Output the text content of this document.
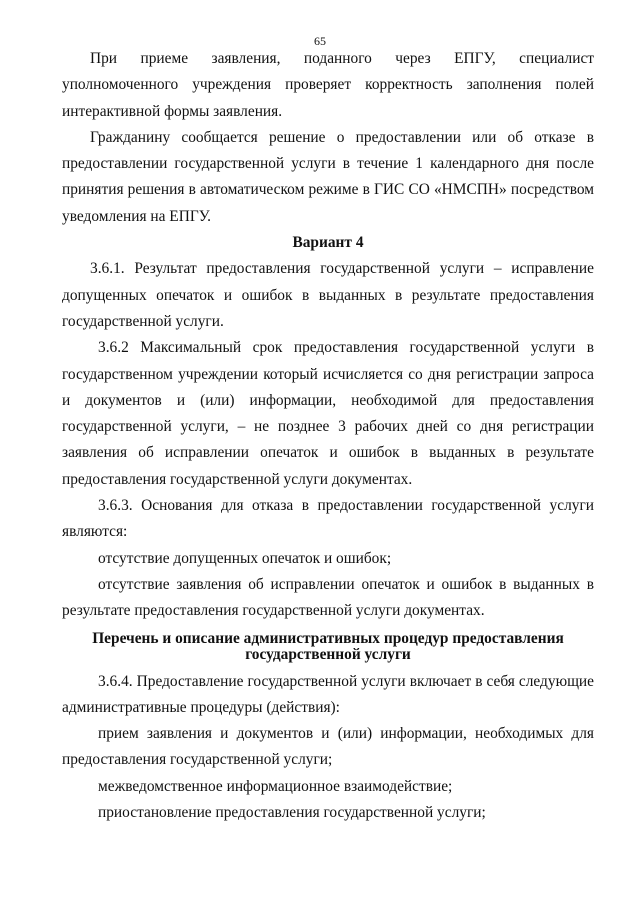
65

При приеме заявления, поданного через ЕПГУ, специалист уполномоченного учреждения проверяет корректность заполнения полей интерактивной формы заявления.

Гражданину сообщается решение о предоставлении или об отказе в предоставлении государственной услуги в течение 1 календарного дня после принятия решения в автоматическом режиме в ГИС СО «НМСПН» посредством уведомления на ЕПГУ.

Вариант 4

3.6.1. Результат предоставления государственной услуги – исправление допущенных опечаток и ошибок в выданных в результате предоставления государственной услуги.

3.6.2 Максимальный срок предоставления государственной услуги в государственном учреждении который исчисляется со дня регистрации запроса и документов и (или) информации, необходимой для предоставления государственной услуги, – не позднее 3 рабочих дней со дня регистрации заявления об исправлении опечаток и ошибок в выданных в результате предоставления государственной услуги документах.

3.6.3. Основания для отказа в предоставлении государственной услуги являются:

отсутствие допущенных опечаток и ошибок;

отсутствие заявления об исправлении опечаток и ошибок в выданных в результате предоставления государственной услуги документах.

Перечень и описание административных процедур предоставления
государственной услуги

3.6.4. Предоставление государственной услуги включает в себя следующие административные процедуры (действия):

прием заявления и документов и (или) информации, необходимых для предоставления государственной услуги;

межведомственное информационное взаимодействие;

приостановление предоставления государственной услуги;
